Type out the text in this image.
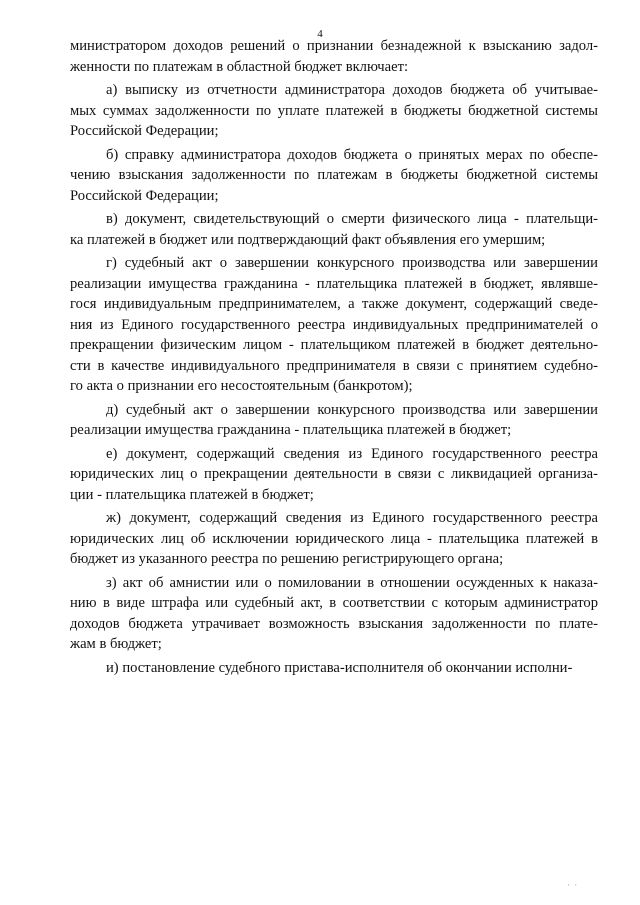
4
министратором доходов решений о признании безнадежной к взысканию задол-
женности по платежам в областной бюджет включает:
а) выписку из отчетности администратора доходов бюджета об учитывае-
мых суммах задолженности по уплате платежей в бюджеты бюджетной системы
Российской Федерации;
б) справку администратора доходов бюджета о принятых мерах по обеспе-
чению взыскания задолженности по платежам в бюджеты бюджетной системы
Российской Федерации;
в) документ, свидетельствующий о смерти физического лица - плательщи-
ка платежей в бюджет или подтверждающий факт объявления его умершим;
г) судебный акт о завершении конкурсного производства или завершении
реализации имущества гражданина - плательщика платежей в бюджет, являвше-
гося индивидуальным предпринимателем, а также документ, содержащий сведе-
ния из Единого государственного реестра индивидуальных предпринимателей о
прекращении физическим лицом - плательщиком платежей в бюджет деятельно-
сти в качестве индивидуального предпринимателя в связи с принятием судебно-
го акта о признании его несостоятельным (банкротом);
д) судебный акт о завершении конкурсного производства или завершении
реализации имущества гражданина - плательщика платежей в бюджет;
е) документ, содержащий сведения из Единого государственного реестра
юридических лиц о прекращении деятельности в связи с ликвидацией организа-
ции - плательщика платежей в бюджет;
ж) документ, содержащий сведения из Единого государственного реестра
юридических лиц об исключении юридического лица - плательщика платежей в
бюджет из указанного реестра по решению регистрирующего органа;
з) акт об амнистии или о помиловании в отношении осужденных к наказа-
нию в виде штрафа или судебный акт, в соответствии с которым администратор
доходов бюджета утрачивает возможность взыскания задолженности по плате-
жам в бюджет;
и) постановление судебного пристава-исполнителя об окончании исполни-
· ·
